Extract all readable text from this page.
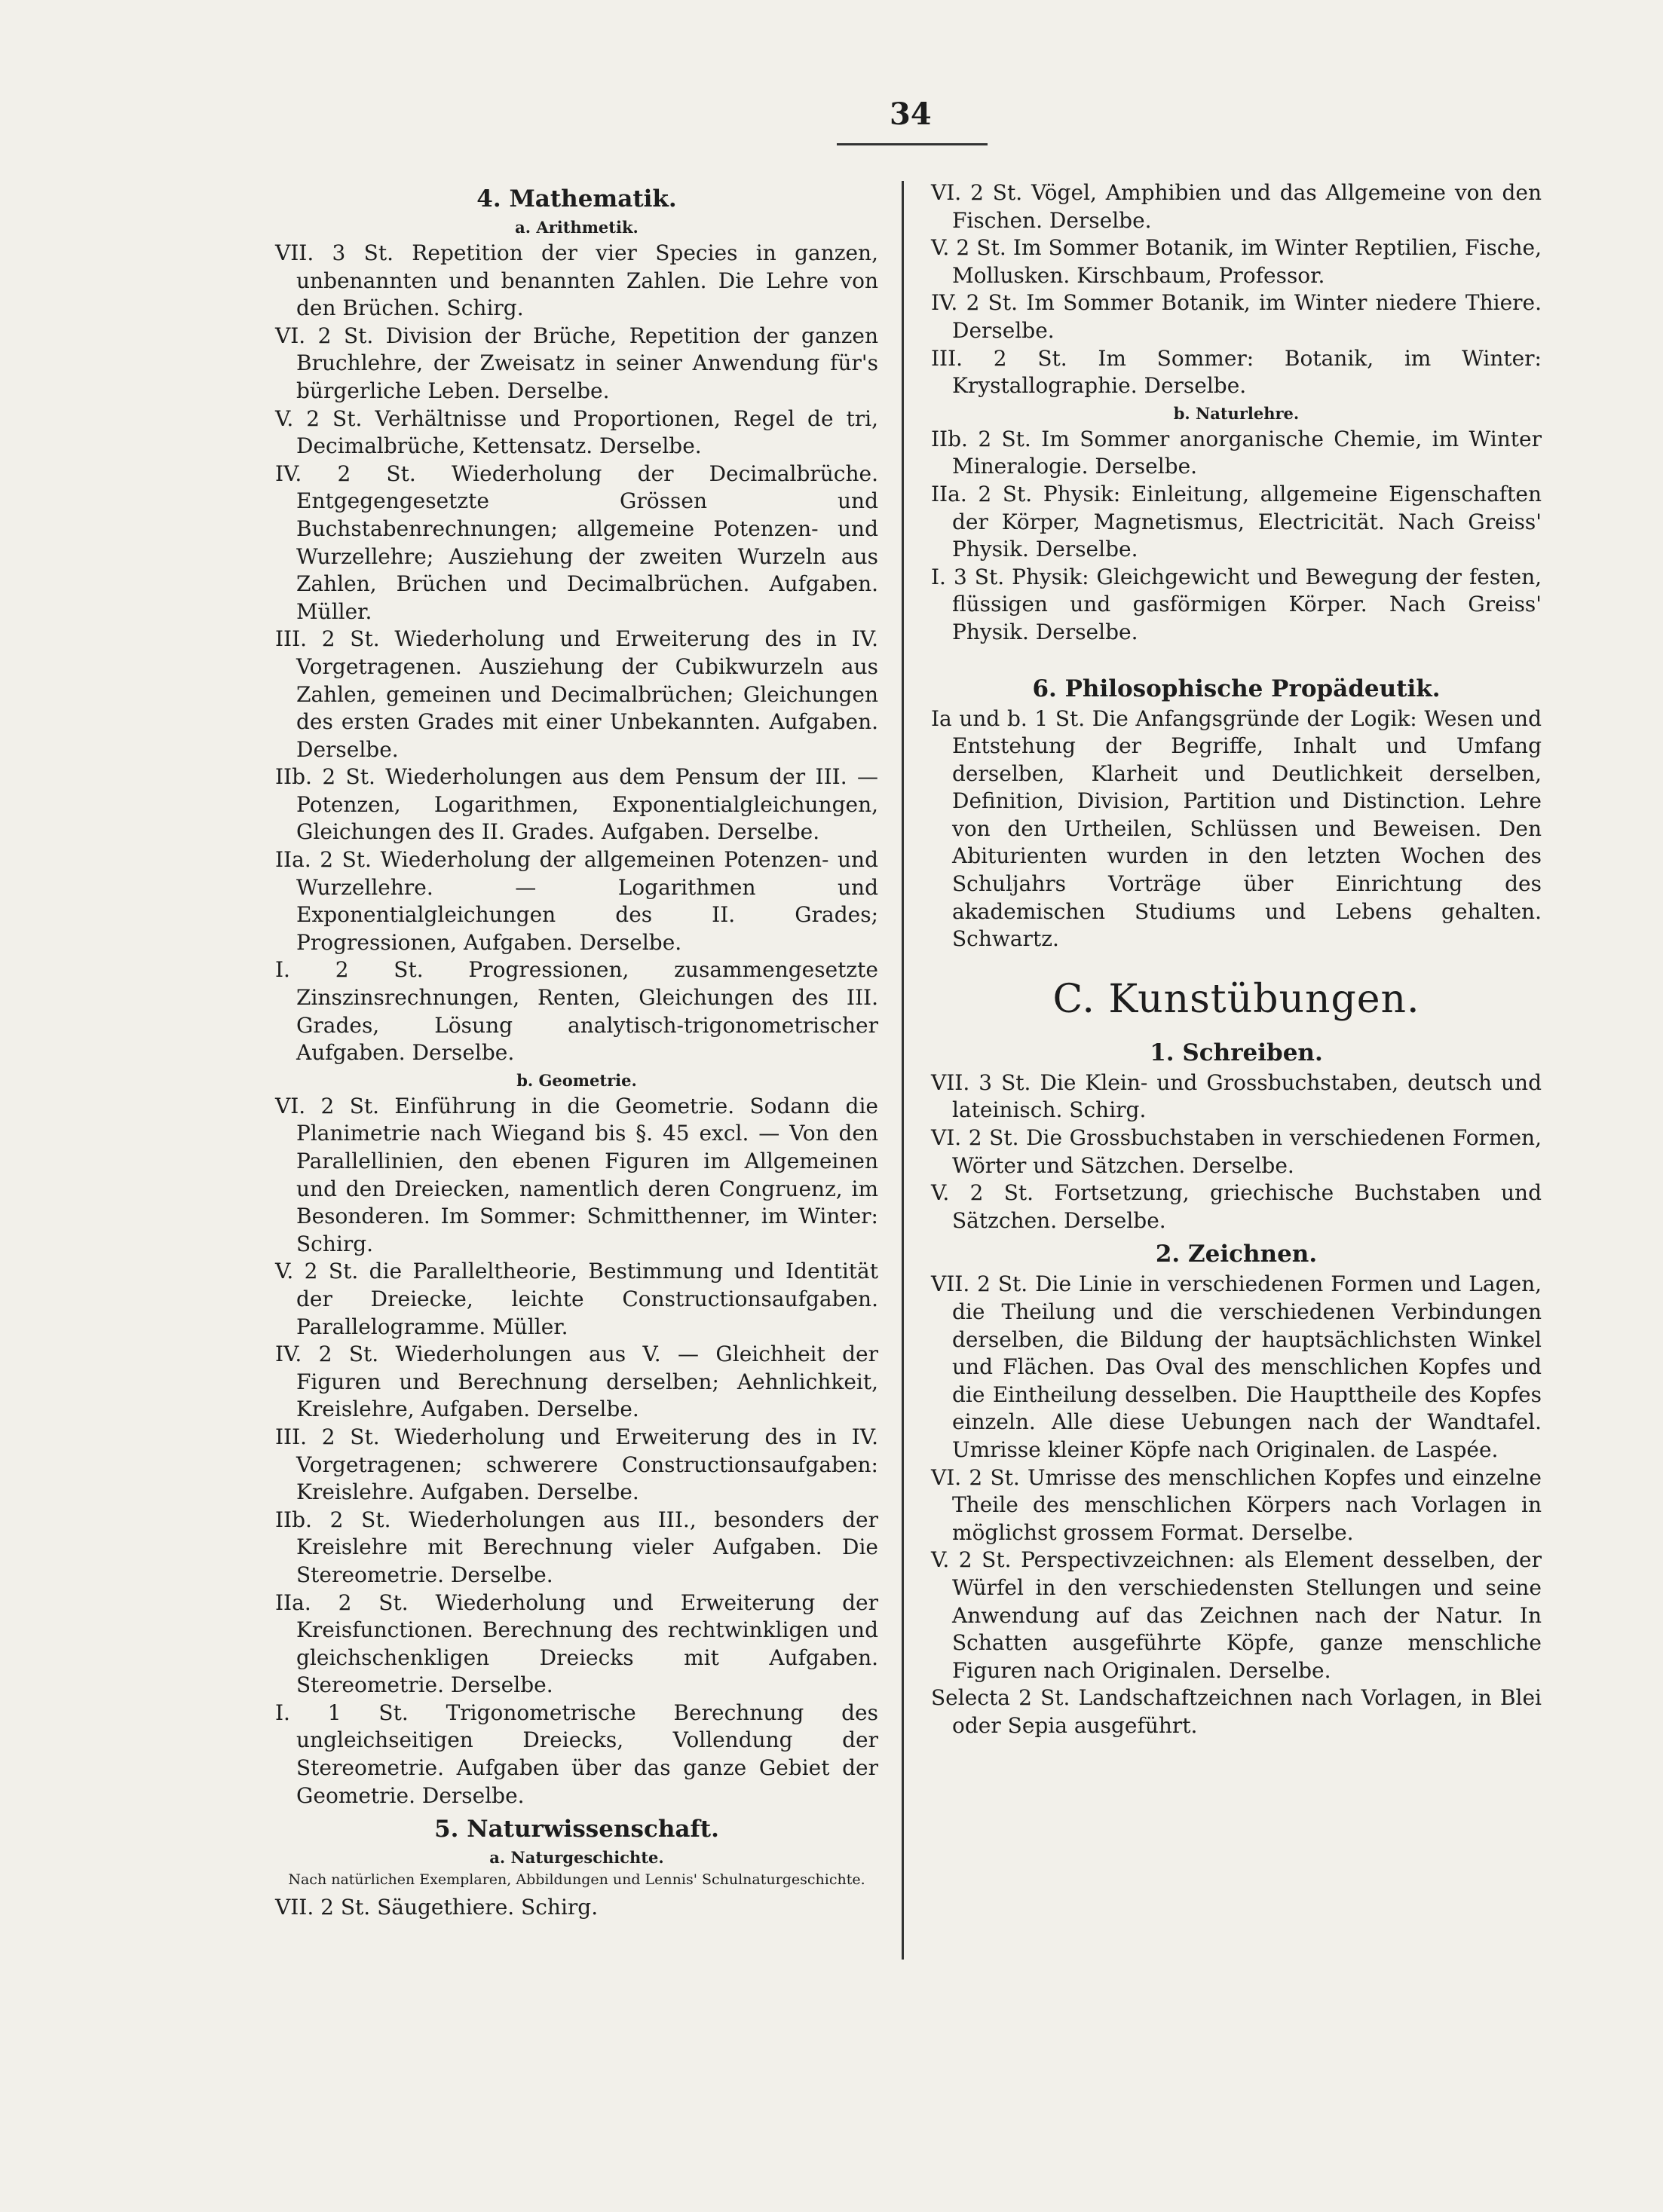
34
4. Mathematik.
a. Arithmetik.

VII. 3 St. Repetition der vier Species in ganzen, unbenannten und benannten Zahlen. Die Lehre von den Brüchen. Schirg.

VI. 2 St. Division der Brüche, Repetition der ganzen Bruchlehre, der Zweisatz in seiner Anwendung für's bürgerliche Leben. Derselbe.

V. 2 St. Verhältnisse und Proportionen, Regel de tri, Decimalbrüche, Kettensatz. Derselbe.

IV. 2 St. Wiederholung der Decimalbrüche. Entgegengesetzte Grössen und Buchstabenrechnungen; allgemeine Potenzen- und Wurzellehre; Ausziehung der zweiten Wurzeln aus Zahlen, Brüchen und Decimalbrüchen. Aufgaben. Müller.

III. 2 St. Wiederholung und Erweiterung des in IV. Vorgetragenen. Ausziehung der Cubikwurzeln aus Zahlen, gemeinen und Decimalbrüchen; Gleichungen des ersten Grades mit einer Unbekannten. Aufgaben. Derselbe.

IIb. 2 St. Wiederholungen aus dem Pensum der III. — Potenzen, Logarithmen, Exponentialgleichungen, Gleichungen des II. Grades. Aufgaben. Derselbe.

IIa. 2 St. Wiederholung der allgemeinen Potenzen- und Wurzellehre. — Logarithmen und Exponentialgleichungen des II. Grades; Progressionen, Aufgaben. Derselbe.

I. 2 St. Progressionen, zusammengesetzte Zinszinsrechnungen, Renten, Gleichungen des III. Grades, Lösung analytisch-trigonometrischer Aufgaben. Derselbe.

b. Geometrie.

VI. 2 St. Einführung in die Geometrie. Sodann die Planimetrie nach Wiegand bis §. 45 excl. — Von den Parallellinien, den ebenen Figuren im Allgemeinen und den Dreiecken, namentlich deren Congruenz, im Besonderen. Im Sommer: Schmitthenner, im Winter: Schirg.

V. 2 St. die Paralleltheorie, Bestimmung und Identität der Dreiecke, leichte Constructionsaufgaben. Parallelogramme. Müller.

IV. 2 St. Wiederholungen aus V. — Gleichheit der Figuren und Berechnung derselben; Aehnlichkeit, Kreislehre, Aufgaben. Derselbe.

III. 2 St. Wiederholung und Erweiterung des in IV. Vorgetragenen; schwerere Constructionsaufgaben: Kreislehre. Aufgaben. Derselbe.

IIb. 2 St. Wiederholungen aus III., besonders der Kreislehre mit Berechnung vieler Aufgaben. Die Stereometrie. Derselbe.

IIa. 2 St. Wiederholung und Erweiterung der Kreisfunctionen. Berechnung des rechtwinkligen und gleichschenkligen Dreiecks mit Aufgaben. Stereometrie. Derselbe.

I. 1 St. Trigonometrische Berechnung des ungleichseitigen Dreiecks, Vollendung der Stereometrie. Aufgaben über das ganze Gebiet der Geometrie. Derselbe.

5. Naturwissenschaft.
a. Naturgeschichte.
Nach natürlichen Exemplaren, Abbildungen und Lennis' Schulnaturgeschichte.

VII. 2 St. Säugethiere. Schirg.

VI. 2 St. Vögel, Amphibien und das Allgemeine von den Fischen. Derselbe.

V. 2 St. Im Sommer Botanik, im Winter Reptilien, Fische, Mollusken. Kirschbaum, Professor.

IV. 2 St. Im Sommer Botanik, im Winter niedere Thiere. Derselbe.

III. 2 St. Im Sommer: Botanik, im Winter: Krystallographie. Derselbe.

b. Naturlehre.

IIb. 2 St. Im Sommer anorganische Chemie, im Winter Mineralogie. Derselbe.

IIa. 2 St. Physik: Einleitung, allgemeine Eigenschaften der Körper, Magnetismus, Electricität. Nach Greiss' Physik. Derselbe.

I. 3 St. Physik: Gleichgewicht und Bewegung der festen, flüssigen und gasförmigen Körper. Nach Greiss' Physik. Derselbe.

6. Philosophische Propädeutik.

Ia und b. 1 St. Die Anfangsgründe der Logik: Wesen und Entstehung der Begriffe, Inhalt und Umfang derselben, Klarheit und Deutlichkeit derselben, Definition, Division, Partition und Distinction. Lehre von den Urtheilen, Schlüssen und Beweisen. Den Abiturienten wurden in den letzten Wochen des Schuljahrs Vorträge über Einrichtung des akademischen Studiums und Lebens gehalten. Schwartz.

C. Kunstübungen.
1. Schreiben.

VII. 3 St. Die Klein- und Grossbuchstaben, deutsch und lateinisch. Schirg.

VI. 2 St. Die Grossbuchstaben in verschiedenen Formen, Wörter und Sätzchen. Derselbe.

V. 2 St. Fortsetzung, griechische Buchstaben und Sätzchen. Derselbe.

2. Zeichnen.

VII. 2 St. Die Linie in verschiedenen Formen und Lagen, die Theilung und die verschiedenen Verbindungen derselben, die Bildung der hauptsächlichsten Winkel und Flächen. Das Oval des menschlichen Kopfes und die Eintheilung desselben. Die Haupttheile des Kopfes einzeln. Alle diese Uebungen nach der Wandtafel. Umrisse kleiner Köpfe nach Originalen. de Laspée.

VI. 2 St. Umrisse des menschlichen Kopfes und einzelne Theile des menschlichen Körpers nach Vorlagen in möglichst grossem Format. Derselbe.

V. 2 St. Perspectivzeichnen: als Element desselben, der Würfel in den verschiedensten Stellungen und seine Anwendung auf das Zeichnen nach der Natur. In Schatten ausgeführte Köpfe, ganze menschliche Figuren nach Originalen. Derselbe.

Selecta 2 St. Landschaftzeichnen nach Vorlagen, in Blei oder Sepia ausgeführt.
